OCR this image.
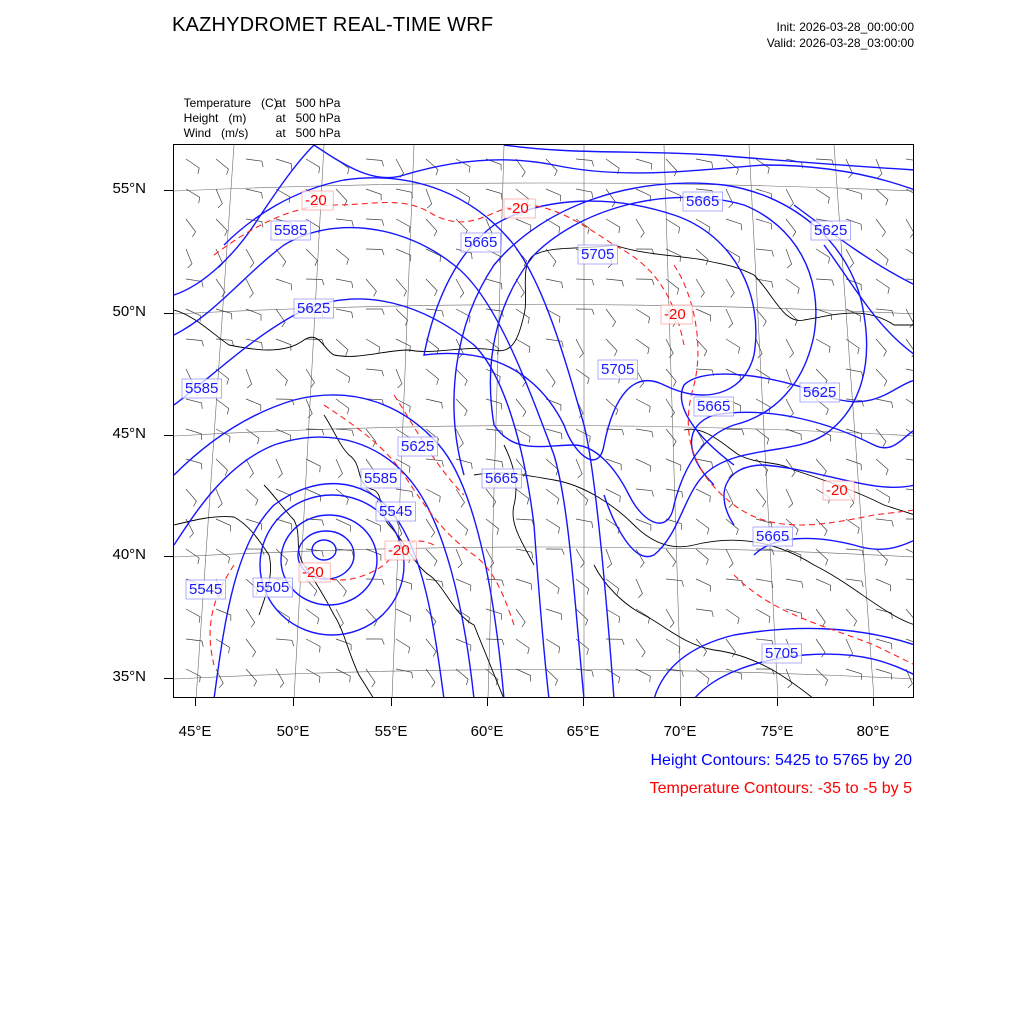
KAZHYDROMET REAL-TIME WRF	Init: 2026-03-28_00:00:00
Valid: 2026-03-28_03:00:00

Temperature   (C)at 500 hPa

Height   (m) at 500 hPa

Wind   (m/s) at 500 hPa

55°N
50°N
45°N
40°N
35°N
45°E	50°E	55°E	60°E	65°E	70°E	75°E	80°E
5585
5625
5665
5705
5665
5625
5585	5625
5705
5665
5625
5585	5665
5545
5545 5505
5665
5705
-20	-20
-20
-20
-20
-20
Height Contours: 5425 to 5765 by 20
Temperature Contours: -35 to -5 by 5
